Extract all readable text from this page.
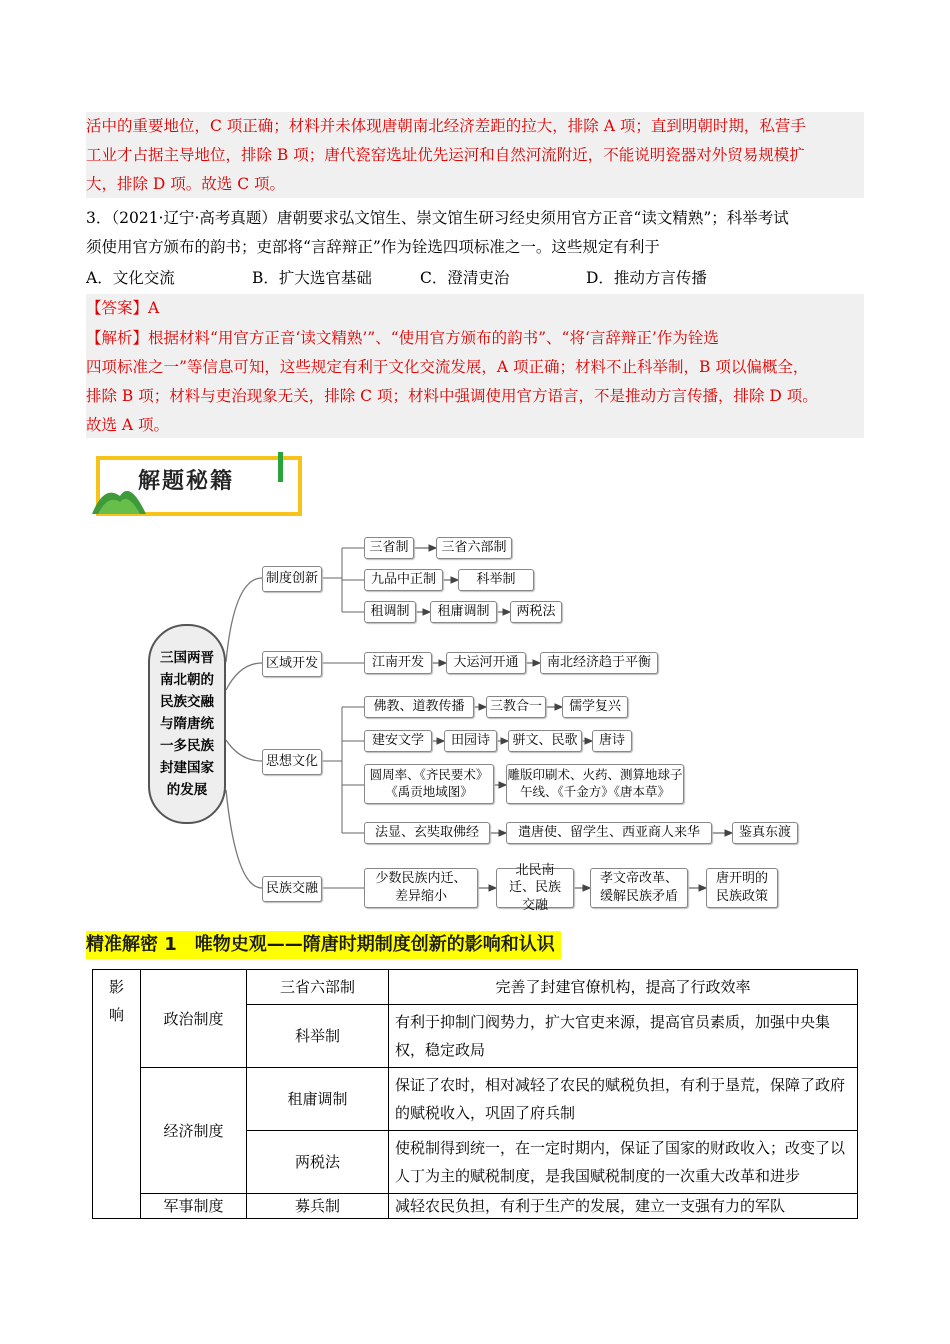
活中的重要地位，C 项正确；材料并未体现唐朝南北经济差距的拉大，排除 A 项；直到明朝时期，私营手
工业才占据主导地位，排除 B 项；唐代瓷窑选址优先运河和自然河流附近，不能说明瓷器对外贸易规模扩
大，排除 D 项。故选 C 项。
3．（2021·辽宁·高考真题）唐朝要求弘文馆生、崇文馆生研习经史须用官方正音“读文精熟”；科举考试
须使用官方颁布的韵书；吏部将“言辞辩正”作为铨选四项标准之一。这些规定有利于
A．文化交流	B．扩大选官基础	C．澄清吏治	D．推动方言传播
【答案】A
【解析】根据材料“用官方正音‘读文精熟’”、“使用官方颁布的韵书”、“将‘言辞辩正’作为铨选
四项标准之一”等信息可知，这些规定有利于文化交流发展，A 项正确；材料不止科举制，B 项以偏概全，
排除 B 项；材料与吏治现象无关，排除 C 项；材料中强调使用官方语言，不是推动方言传播，排除 D 项。
故选 A 项。
解题秘籍
三国两晋南北朝的民族交融与隋唐统一多民族封建国家的发展
制度创新
区域开发
思想文化
民族交融
三省制	三省六部制
九品中正制	科举制
租调制	租庸调制	两税法
江南开发	大运河开通	南北经济趋于平衡
佛教、道教传播	三教合一	儒学复兴
建安文学	田园诗	骈文、民歌	唐诗
圆周率、《齐民要术》《禹贡地域图》
雕版印刷术、火药、测算地球子午线、《千金方》《唐本草》
法显、玄奘取佛经	遣唐使、留学生、西亚商人来华	鉴真东渡
少数民族内迁、差异缩小
北民南迁、民族交融
孝文帝改革、缓解民族矛盾
唐开明的民族政策
精准解密 1　唯物史观——隋唐时期制度创新的影响和认识
影响	政治制度	三省六部制	完善了封建官僚机构，提高了行政效率
		科举制	有利于抑制门阀势力，扩大官吏来源，提高官员素质，加强中央集权，稳定政局
	经济制度	租庸调制	保证了农时，相对减轻了农民的赋税负担，有利于垦荒，保障了政府的赋税收入，巩固了府兵制
		两税法	使税制得到统一，在一定时期内，保证了国家的财政收入；改变了以人丁为主的赋税制度，是我国赋税制度的一次重大改革和进步
	军事制度	募兵制	减轻农民负担，有利于生产的发展，建立一支强有力的军队
